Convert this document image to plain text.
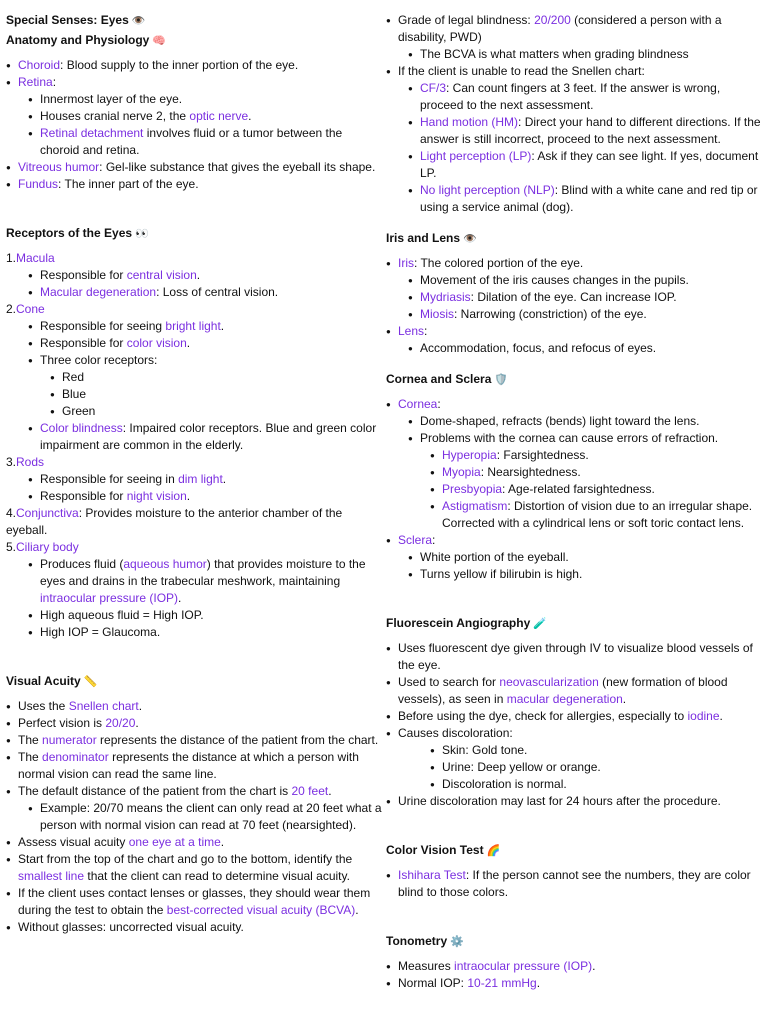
Special Senses: Eyes 👁️
Anatomy and Physiology 🧠
● Choroid: Blood supply to the inner portion of the eye.
● Retina:
● Innermost layer of the eye.
● Houses cranial nerve 2, the optic nerve.
● Retinal detachment involves fluid or a tumor between the choroid and retina.
● Vitreous humor: Gel-like substance that gives the eyeball its shape.
● Fundus: The inner part of the eye.
Receptors of the Eyes 👀
1.Macula
● Responsible for central vision.
● Macular degeneration: Loss of central vision.
2.Cone
● Responsible for seeing bright light.
● Responsible for color vision.
● Three color receptors:
● Red
● Blue
● Green
● Color blindness: Impaired color receptors. Blue and green color impairment are common in the elderly.
3.Rods
● Responsible for seeing in dim light.
● Responsible for night vision.
4.Conjunctiva: Provides moisture to the anterior chamber of the eyeball.
5.Ciliary body
● Produces fluid (aqueous humor) that provides moisture to the eyes and drains in the trabecular meshwork, maintaining intraocular pressure (IOP).
● High aqueous fluid = High IOP.
● High IOP = Glaucoma.
Visual Acuity 📏
● Uses the Snellen chart.
● Perfect vision is 20/20.
● The numerator represents the distance of the patient from the chart.
● The denominator represents the distance at which a person with normal vision can read the same line.
● The default distance of the patient from the chart is 20 feet.
● Example: 20/70 means the client can only read at 20 feet what a person with normal vision can read at 70 feet (nearsighted).
● Assess visual acuity one eye at a time.
● Start from the top of the chart and go to the bottom, identify the smallest line that the client can read to determine visual acuity.
● If the client uses contact lenses or glasses, they should wear them during the test to obtain the best-corrected visual acuity (BCVA).
● Without glasses: uncorrected visual acuity.
● Grade of legal blindness: 20/200 (considered a person with a disability, PWD)
● The BCVA is what matters when grading blindness
● If the client is unable to read the Snellen chart:
● CF/3: Can count fingers at 3 feet. If the answer is wrong, proceed to the next assessment.
● Hand motion (HM): Direct your hand to different directions. If the answer is still incorrect, proceed to the next assessment.
● Light perception (LP): Ask if they can see light. If yes, document LP.
● No light perception (NLP): Blind with a white cane and red tip or using a service animal (dog).
Iris and Lens 👁️
● Iris: The colored portion of the eye.
● Movement of the iris causes changes in the pupils.
● Mydriasis: Dilation of the eye. Can increase IOP.
● Miosis: Narrowing (constriction) of the eye.
● Lens:
● Accommodation, focus, and refocus of eyes.
Cornea and Sclera 🛡️
● Cornea:
● Dome-shaped, refracts (bends) light toward the lens.
● Problems with the cornea can cause errors of refraction.
● Hyperopia: Farsightedness.
● Myopia: Nearsightedness.
● Presbyopia: Age-related farsightedness.
● Astigmatism: Distortion of vision due to an irregular shape. Corrected with a cylindrical lens or soft toric contact lens.
● Sclera:
● White portion of the eyeball.
● Turns yellow if bilirubin is high.
Fluorescein Angiography 🧪
● Uses fluorescent dye given through IV to visualize blood vessels of the eye.
● Used to search for neovascularization (new formation of blood vessels), as seen in macular degeneration.
● Before using the dye, check for allergies, especially to iodine.
● Causes discoloration:
● Skin: Gold tone.
● Urine: Deep yellow or orange.
● Discoloration is normal.
● Urine discoloration may last for 24 hours after the procedure.
Color Vision Test 🌈
● Ishihara Test: If the person cannot see the numbers, they are color blind to those colors.
Tonometry ⚙️
● Measures intraocular pressure (IOP).
● Normal IOP: 10-21 mmHg.
